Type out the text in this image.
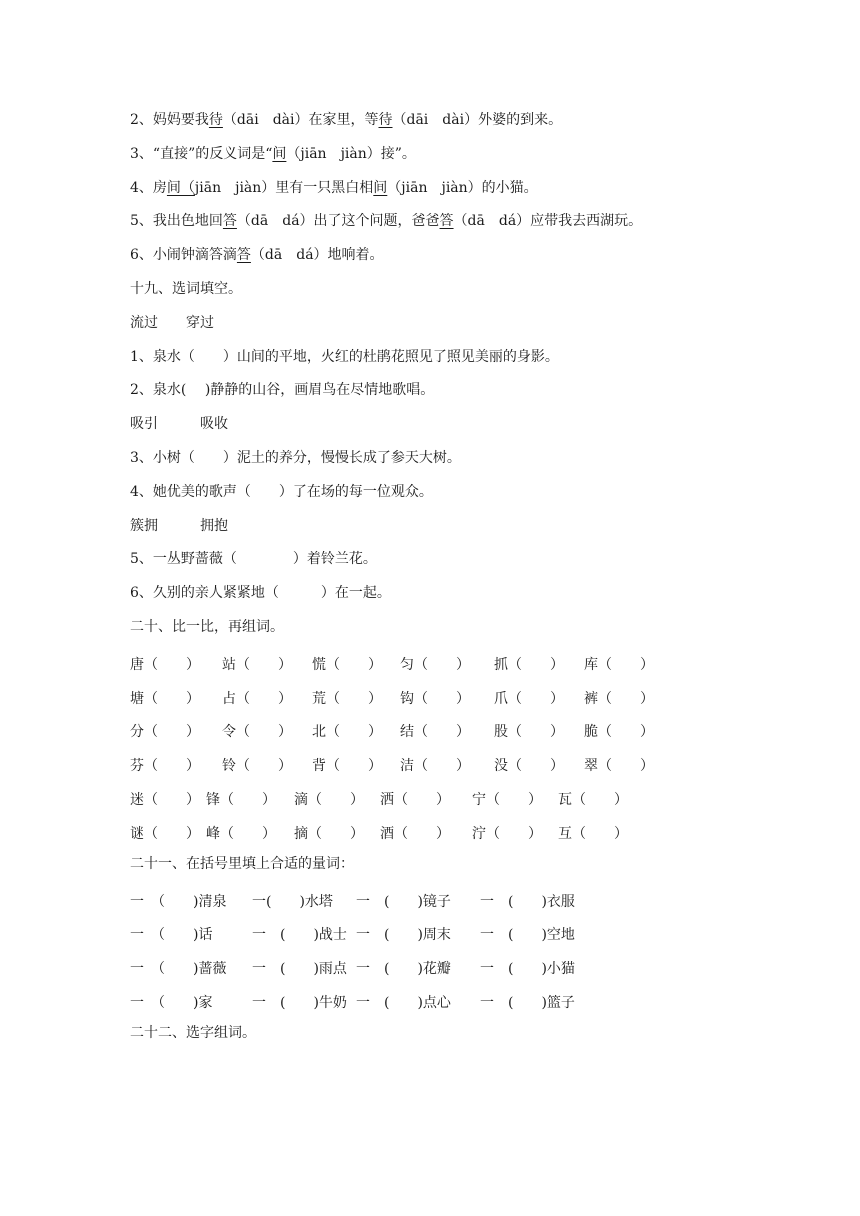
2、妈妈要我待（dāi　dài）在家里，等待（dāi　dài）外婆的到来。
3、“直接”的反义词是“间（jiān　jiàn）接”。
4、房间（jiān　jiàn）里有一只黑白相间（jiān　jiàn）的小猫。
5、我出色地回答（dā　dá）出了这个问题，爸爸答（dā　dá）应带我去西湖玩。
6、小闹钟滴答滴答（dā　dá）地响着。
十九、选词填空。
流过　　穿过
1、泉水（　　）山间的平地，火红的杜鹃花照见了照见美丽的身影。
2、泉水(　 )静静的山谷，画眉鸟在尽情地歌唱。
吸引　　　吸收
3、小树（　　）泥土的养分，慢慢长成了参天大树。
4、她优美的歌声（　　）了在场的每一位观众。
簇拥　　　拥抱
5、一丛野蔷薇（　　　　）着铃兰花。
6、久别的亲人紧紧地（　　　）在一起。
二十、比一比，再组词。
唐（　　） 站（　　） 慌（　　） 匀（　　） 抓（　　） 库（　　）
塘（　　） 占（　　） 荒（　　） 钩（　　） 爪（　　） 裤（　　）
分（　　） 令（　　） 北（　　） 结（　　） 股（　　） 脆（　　）
芬（　　） 铃（　　） 背（　　） 洁（　　） 没（　　） 翠（　　）
迷（　　） 锋（　　） 滴（　　） 洒（　　） 宁（　　） 瓦（　　）
谜（　　） 峰（　　） 摘（　　） 酒（　　） 泞（　　） 互（　　）
二十一、在括号里填上合适的量词：
一　（　　)清泉 一(　　)水塔 一　(　　)镜子 一　(　　)衣服
一　（　　)话	一　(　　)战士 一　(　　)周末 一　(　　)空地
一　（　　)蔷薇 一　(　　)雨点 一　(　　)花瓣 一　(　　)小猫
一　（　　)家	一　(　　)牛奶 一　(　　)点心 一　(　　)篮子
二十二、选字组词。
